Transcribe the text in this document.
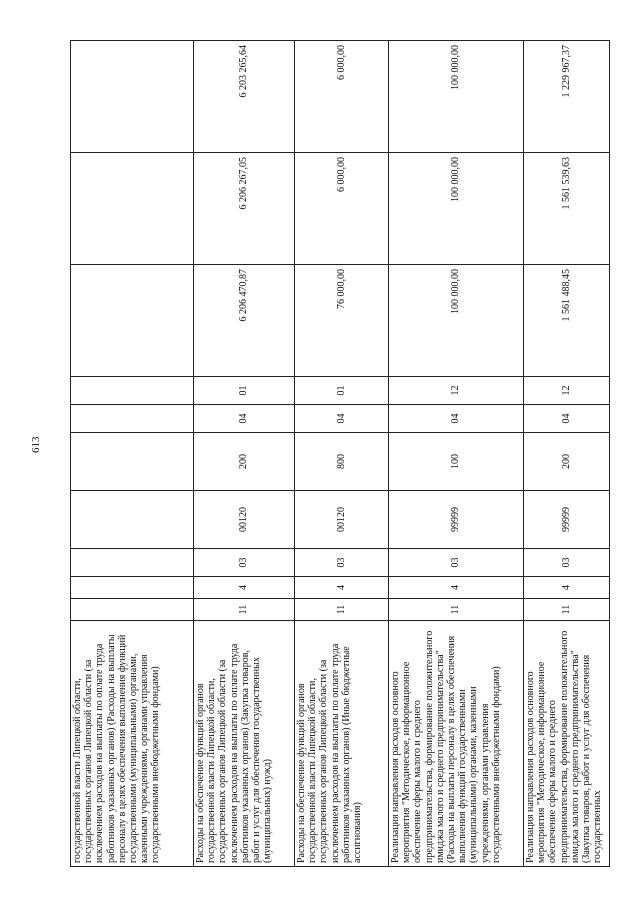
613
государственной власти Липецкой области, государственных органов Липецкой области (за исключением расходов на выплаты по оплате труда работников указанных органов) (Расходы на выплаты персоналу в целях обеспечения выполнения функций государственными (муниципальными) органами, казенными учреждениями, органами управления государственными внебюджетными фондами)										
Расходы на обеспечение функций органов государственной власти Липецкой области, государственных органов Липецкой области (за исключением расходов на выплаты по оплате труда работников указанных органов) (Закупка товаров, работ и услуг для обеспечения государственных (муниципальных) нужд)	11	4	03	00120	200	04	01	6 206 470,87	6 206 267,05	6 203 265,64
Расходы на обеспечение функций органов государственной власти Липецкой области, государственных органов Липецкой области (за исключением расходов на выплаты по оплате труда работников указанных органов) (Иные бюджетные ассигнования)	11	4	03	00120	800	04	01	76 000,00	6 000,00	6 000,00
Реализация направления расходов основного мероприятия "Методическое, информационное обеспечение сферы малого и среднего предпринимательства, формирование положительного имиджа малого и среднего предпринимательства" (Расходы на выплаты персоналу в целях обеспечения выполнения функций государственными (муниципальными) органами, казенными учреждениями, органами управления государственными внебюджетными фондами)	11	4	03	99999	100	04	12	100 000,00	100 000,00	100 000,00
Реализация направления расходов основного мероприятия "Методическое, информационное обеспечение сферы малого и среднего предпринимательства, формирование положительного имиджа малого и среднего предпринимательства" (Закупка товаров, работ и услуг для обеспечения государственных	11	4	03	99999	200	04	12	1 561 488,45	1 561 539,63	1 229 967,37
